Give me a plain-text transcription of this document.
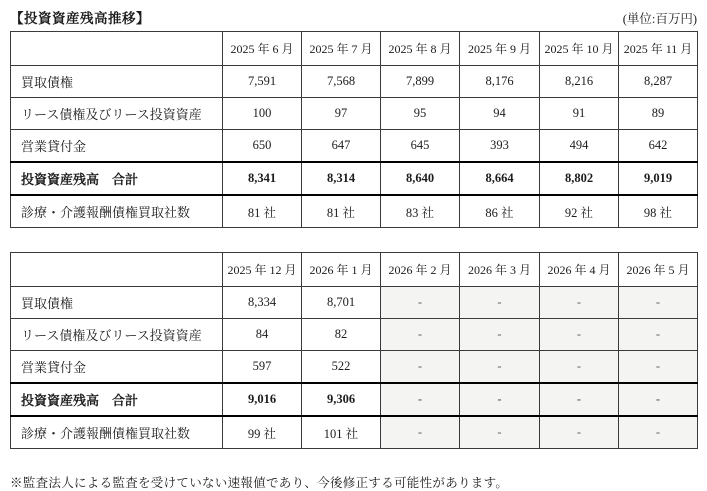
【投資資産残高推移】	(単位:百万円)
	2025 年 6 月	2025 年 7 月	2025 年 8 月	2025 年 9 月	2025 年 10 月	2025 年 11 月
買取債権	7,591	7,568	7,899	8,176	8,216	8,287
リース債権及びリース投資資産	100	97	95	94	91	89
営業貸付金	650	647	645	393	494	642
投資資産残高　合計	8,341	8,314	8,640	8,664	8,802	9,019
診療・介護報酬債権買取社数	81 社	81 社	83 社	86 社	92 社	98 社
	2025 年 12 月	2026 年 1 月	2026 年 2 月	2026 年 3 月	2026 年 4 月	2026 年 5 月
買取債権	8,334	8,701	-	-	-	-
リース債権及びリース投資資産	84	82	-	-	-	-
営業貸付金	597	522	-	-	-	-
投資資産残高　合計	9,016	9,306	-	-	-	-
診療・介護報酬債権買取社数	99 社	101 社	-	-	-	-
※監査法人による監査を受けていない速報値であり、今後修正する可能性があります。
